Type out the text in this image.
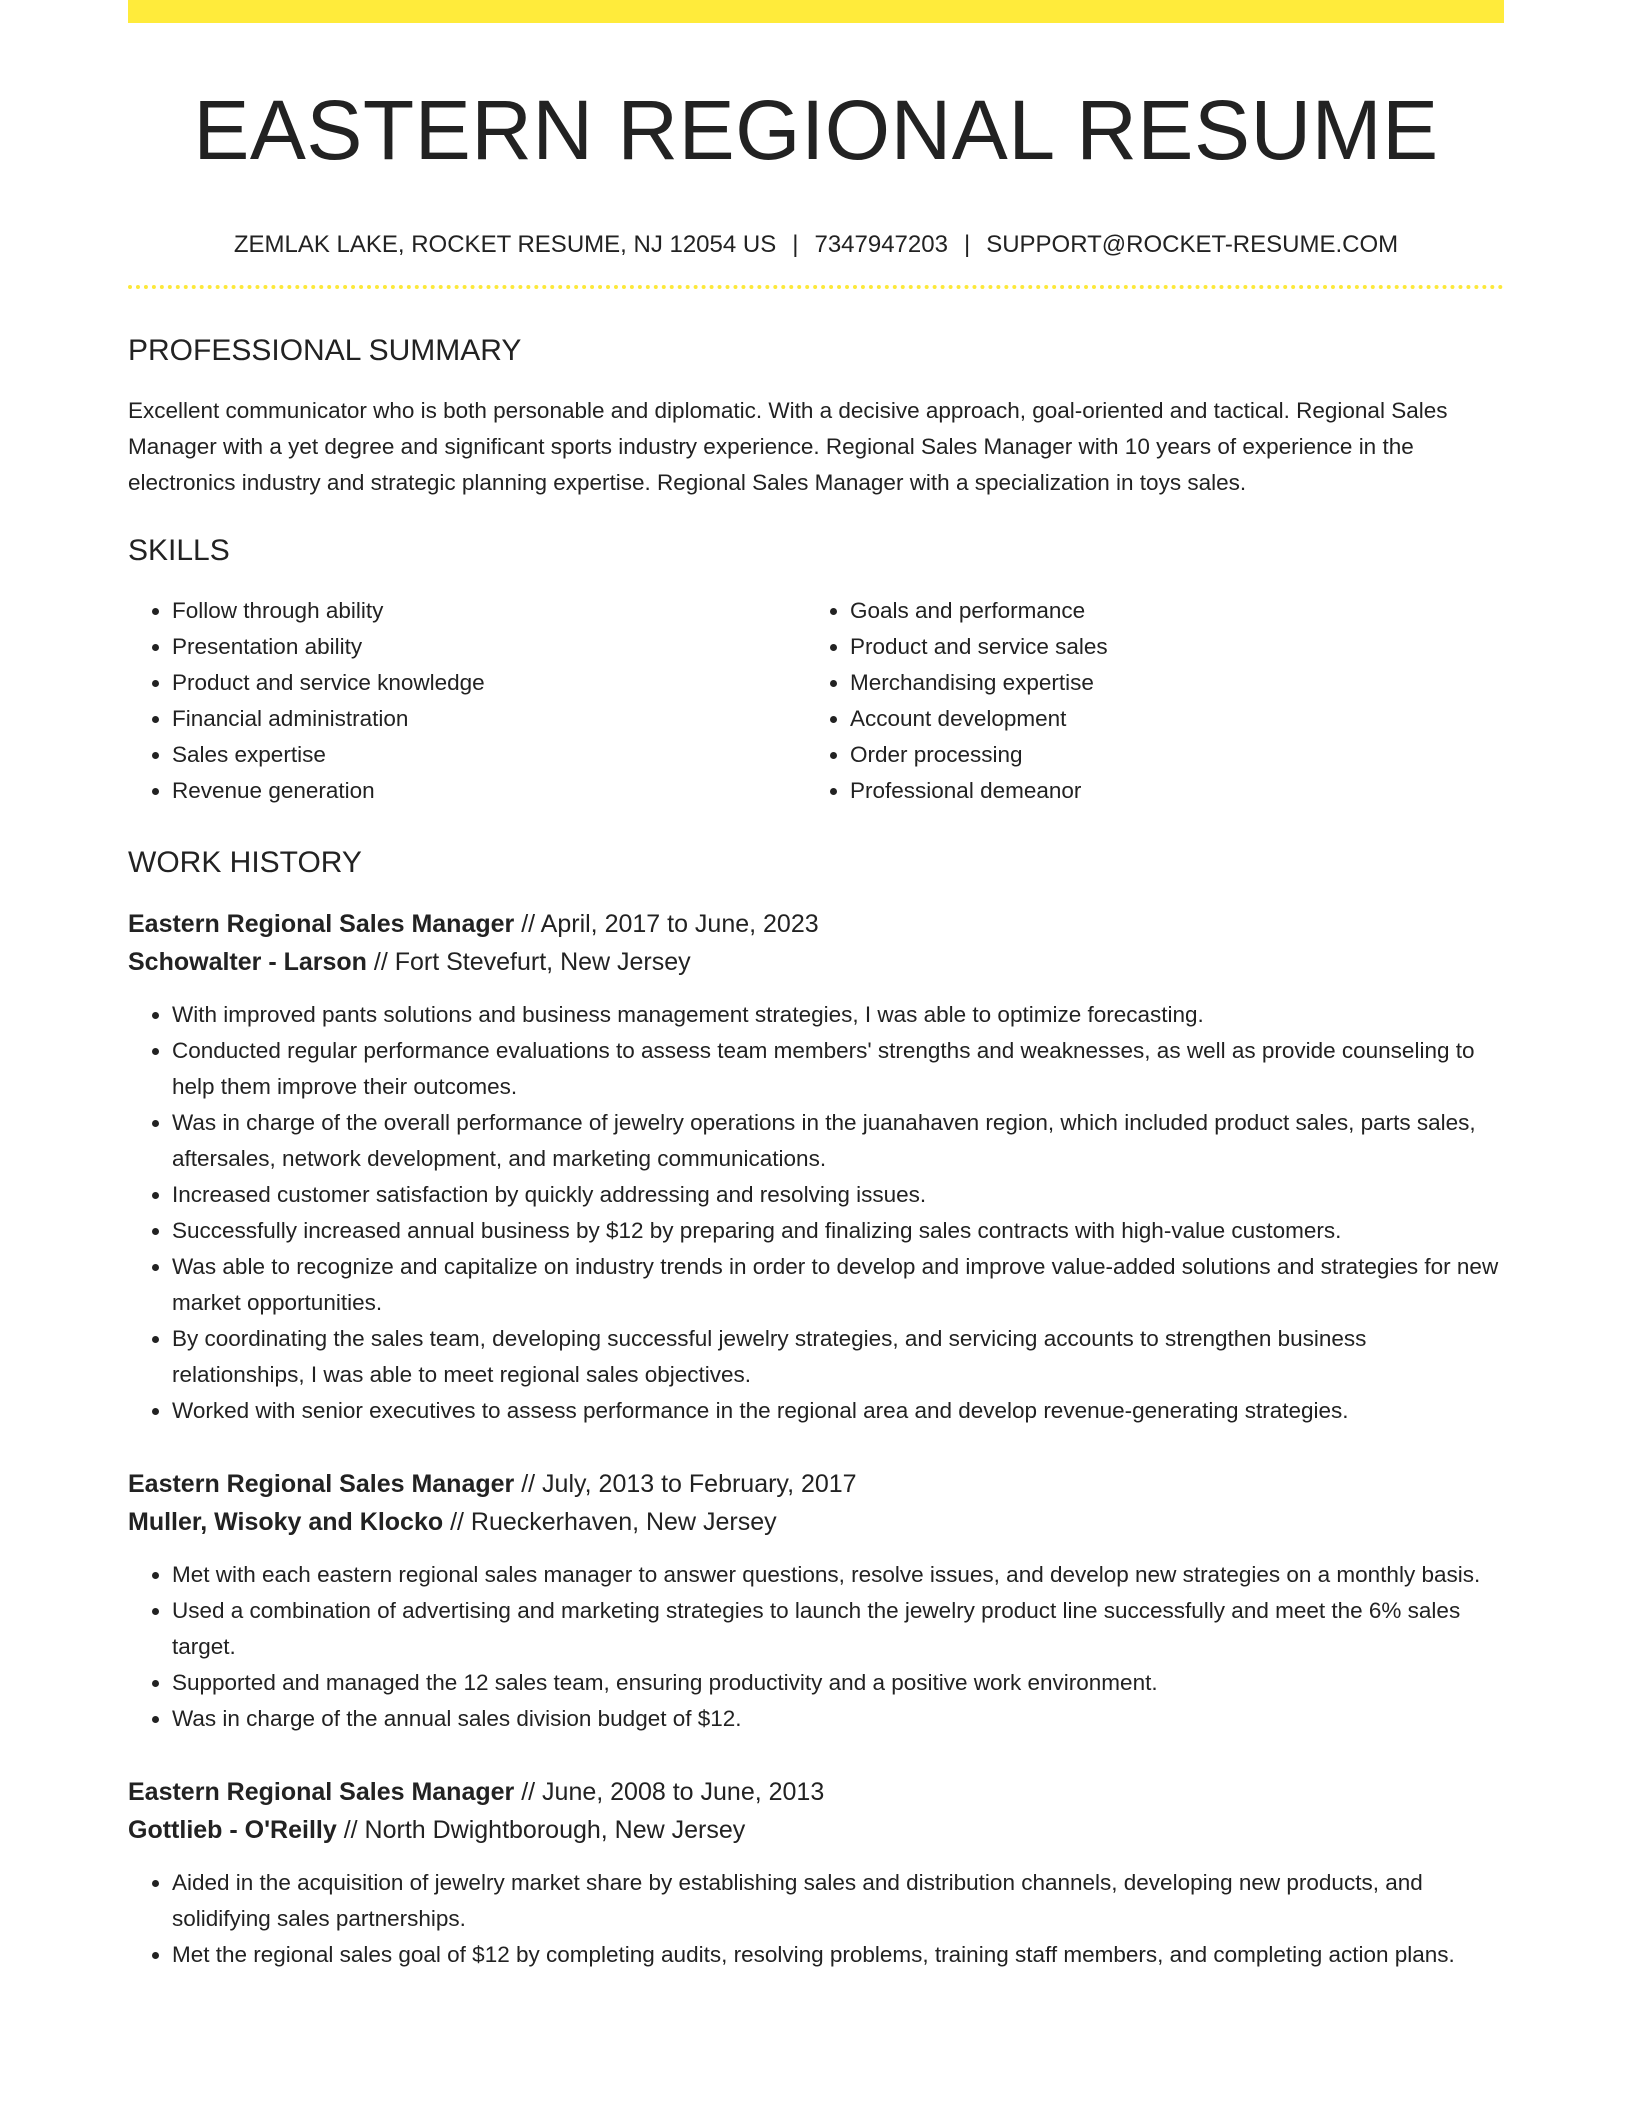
EASTERN REGIONAL RESUME
ZEMLAK LAKE, ROCKET RESUME, NJ 12054 US | 7347947203 | SUPPORT@ROCKET-RESUME.COM
PROFESSIONAL SUMMARY

Excellent communicator who is both personable and diplomatic. With a decisive approach, goal-oriented and tactical. Regional Sales Manager with a yet degree and significant sports industry experience. Regional Sales Manager with 10 years of experience in the electronics industry and strategic planning expertise. Regional Sales Manager with a specialization in toys sales.

SKILLS
• Follow through ability
• Presentation ability
• Product and service knowledge
• Financial administration
• Sales expertise
• Revenue generation
• Goals and performance
• Product and service sales
• Merchandising expertise
• Account development
• Order processing
• Professional demeanor
WORK HISTORY
Eastern Regional Sales Manager // April, 2017 to June, 2023
Schowalter - Larson // Fort Stevefurt, New Jersey
• With improved pants solutions and business management strategies, I was able to optimize forecasting.
• Conducted regular performance evaluations to assess team members' strengths and weaknesses, as well as provide counseling to help them improve their outcomes.
• Was in charge of the overall performance of jewelry operations in the juanahaven region, which included product sales, parts sales, aftersales, network development, and marketing communications.
• Increased customer satisfaction by quickly addressing and resolving issues.
• Successfully increased annual business by $12 by preparing and finalizing sales contracts with high-value customers.
• Was able to recognize and capitalize on industry trends in order to develop and improve value-added solutions and strategies for new market opportunities.
• By coordinating the sales team, developing successful jewelry strategies, and servicing accounts to strengthen business relationships, I was able to meet regional sales objectives.
• Worked with senior executives to assess performance in the regional area and develop revenue-generating strategies.
Eastern Regional Sales Manager // July, 2013 to February, 2017
Muller, Wisoky and Klocko // Rueckerhaven, New Jersey
• Met with each eastern regional sales manager to answer questions, resolve issues, and develop new strategies on a monthly basis.
• Used a combination of advertising and marketing strategies to launch the jewelry product line successfully and meet the 6% sales target.
• Supported and managed the 12 sales team, ensuring productivity and a positive work environment.
• Was in charge of the annual sales division budget of $12.
Eastern Regional Sales Manager // June, 2008 to June, 2013
Gottlieb - O'Reilly // North Dwightborough, New Jersey
• Aided in the acquisition of jewelry market share by establishing sales and distribution channels, developing new products, and solidifying sales partnerships.
• Met the regional sales goal of $12 by completing audits, resolving problems, training staff members, and completing action plans.
